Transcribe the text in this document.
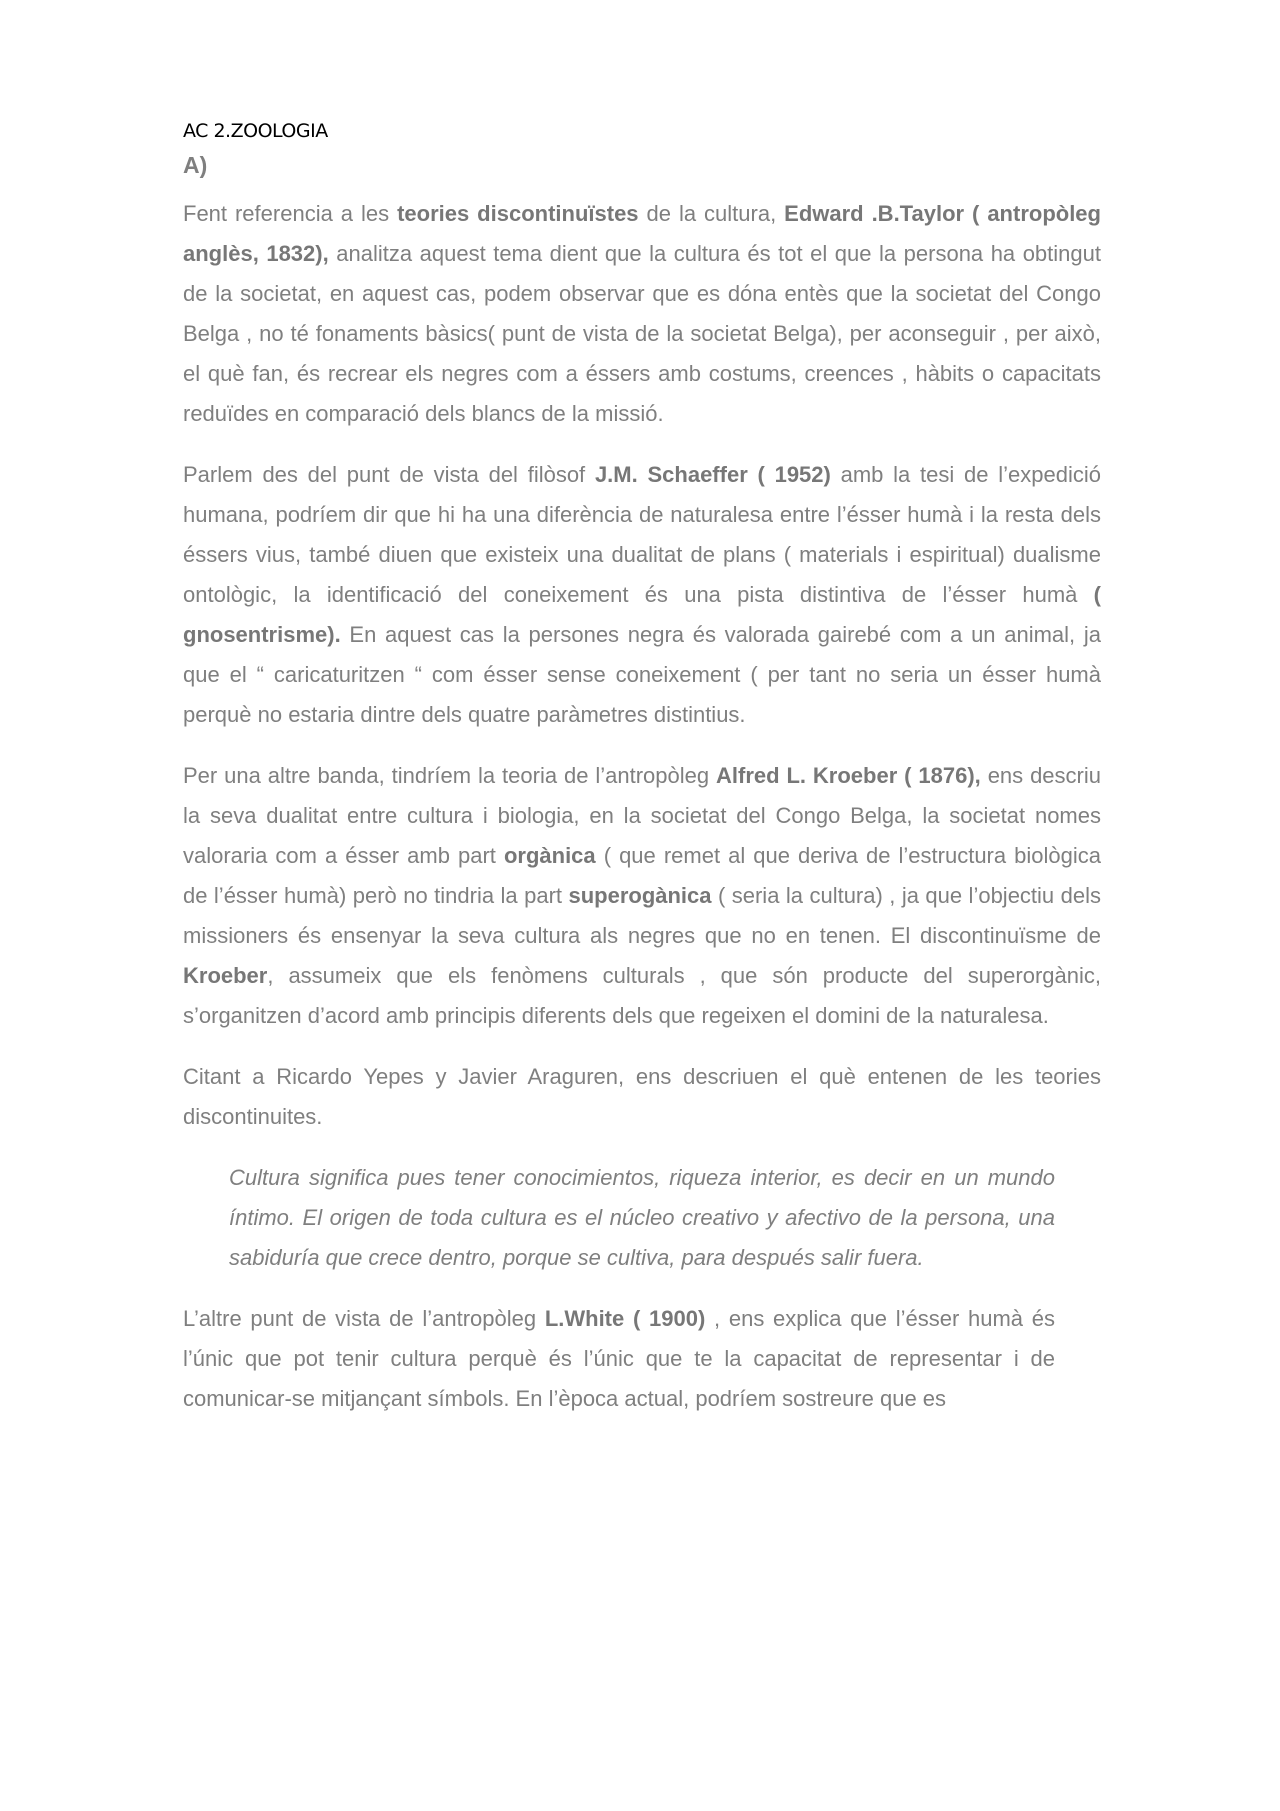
AC 2.ZOOLOGIA
A)

Fent referencia a les teories discontinuïstes de la cultura, Edward .B.Taylor ( antropòleg anglès, 1832), analitza aquest tema dient que la cultura és tot el que la persona ha obtingut de la societat, en aquest cas, podem observar que es dóna entès que la societat del Congo Belga , no té fonaments bàsics( punt de vista de la societat Belga), per aconseguir , per això, el què fan, és recrear els negres com a éssers amb costums, creences , hàbits o capacitats reduïdes en comparació dels blancs de la missió.

Parlem des del punt de vista del filòsof J.M. Schaeffer ( 1952) amb la tesi de l’expedició humana, podríem dir que hi ha una diferència de naturalesa entre l’ésser humà i la resta dels éssers vius, també diuen que existeix una dualitat de plans ( materials i espiritual) dualisme ontològic, la identificació del coneixement és una pista distintiva de l’ésser humà ( gnosentrisme). En aquest cas la persones negra és valorada gairebé com a un animal, ja que el “ caricaturitzen “ com ésser sense coneixement ( per tant no seria un ésser humà perquè no estaria dintre dels quatre paràmetres distintius.

Per una altre banda, tindríem la teoria de l’antropòleg Alfred L. Kroeber ( 1876), ens descriu la seva dualitat entre cultura i biologia, en la societat del Congo Belga, la societat nomes valoraria com a ésser amb part orgànica ( que remet al que deriva de l’estructura biològica de l’ésser humà) però no tindria la part superogànica ( seria la cultura) , ja que l’objectiu dels missioners és ensenyar la seva cultura als negres que no en tenen. El discontinuïsme de Kroeber, assumeix que els fenòmens culturals , que són producte del superorgànic, s’organitzen d’acord amb principis diferents dels que regeixen el domini de la naturalesa.

Citant a Ricardo Yepes y Javier Araguren, ens descriuen el què entenen de les teories discontinuites.

Cultura significa pues tener conocimientos, riqueza interior, es decir en un mundo íntimo. El origen de toda cultura es el núcleo creativo y afectivo de la persona, una sabiduría que crece dentro, porque se cultiva, para después salir fuera.

L’altre punt de vista de l’antropòleg L.White ( 1900) , ens explica que l’ésser humà és l’únic que pot tenir cultura perquè és l’únic que te la capacitat de representar i de comunicar-se mitjançant símbols. En l’època actual, podríem sostreure que es
